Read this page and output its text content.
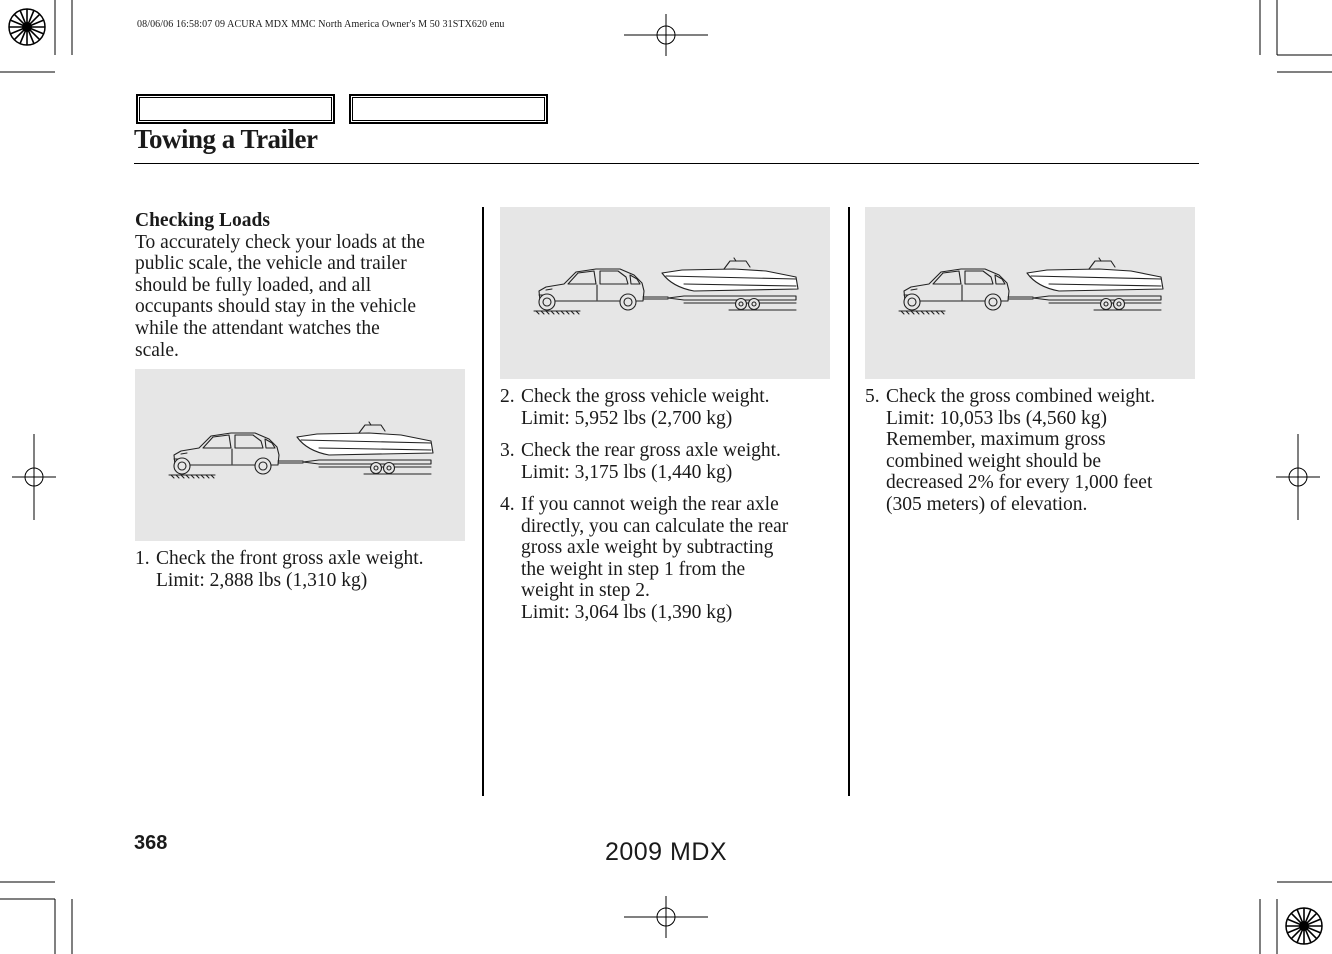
08/06/06 16:58:07 09 ACURA MDX MMC North America Owner's M 50 31STX620 enu
Towing a Trailer
Checking Loads
To accurately check your loads at the
public scale, the vehicle and trailer
should be fully loaded, and all
occupants should stay in the vehicle
while the attendant watches the
scale.
1. Check the front gross axle weight.
Limit: 2,888 lbs (1,310 kg)
2. Check the gross vehicle weight.
Limit: 5,952 lbs (2,700 kg)
3. Check the rear gross axle weight.
Limit: 3,175 lbs (1,440 kg)
4. If you cannot weigh the rear axle
directly, you can calculate the rear
gross axle weight by subtracting
the weight in step 1 from the
weight in step 2.
Limit: 3,064 lbs (1,390 kg)
5. Check the gross combined weight.
Limit: 10,053 lbs (4,560 kg)
Remember, maximum gross
combined weight should be
decreased 2% for every 1,000 feet
(305 meters) of elevation.
368	2009 MDX
